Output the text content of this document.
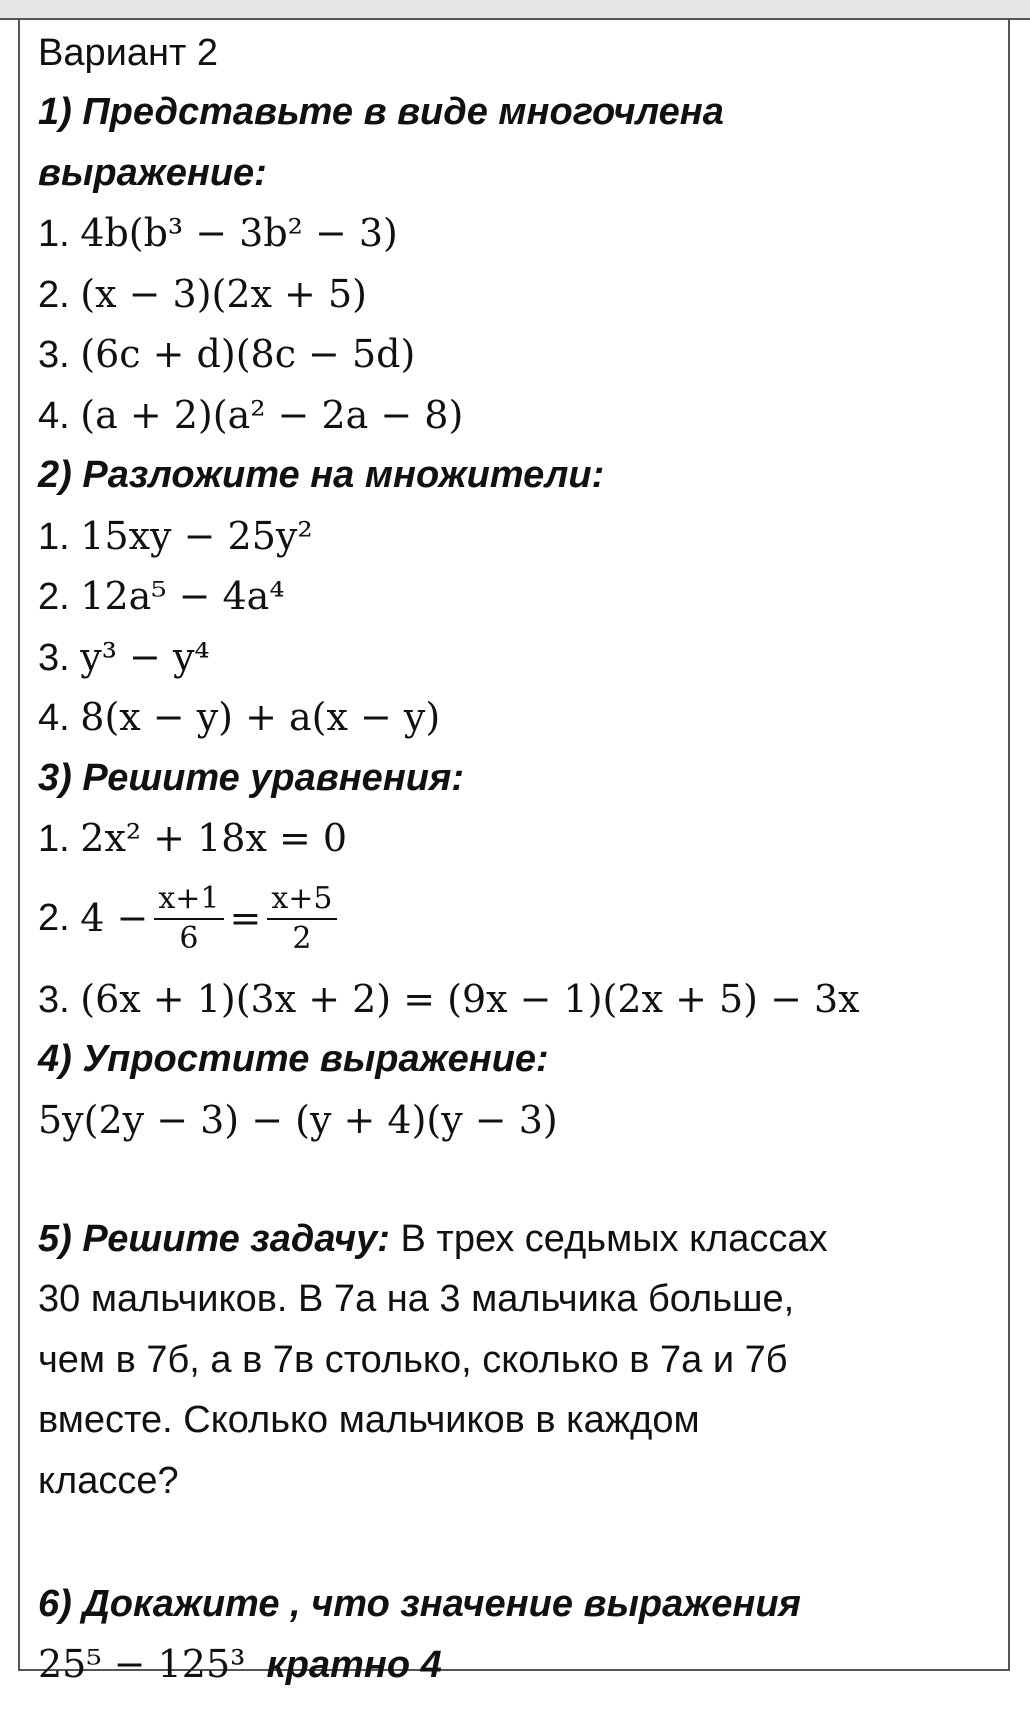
Вариант 2
1) Представьте в виде многочлена
выражение:
1. 4b(b³ − 3b² − 3)
2. (x − 3)(2x + 5)
3. (6c + d)(8c − 5d)
4. (a + 2)(a² − 2a − 8)
2) Разложите на множители:
1. 15xy − 25y²
2. 12a⁵ − 4a⁴
3. y³ − y⁴
4. 8(x − y) + a(x − y)
3) Решите уравнения:
1. 2x² + 18x = 0
2.
$4 - \frac{x+1}{6} = \frac{x+5}{2}$
3. (6x + 1)(3x + 2) = (9x − 1)(2x + 5) − 3x
4) Упростите выражение:
5y(2y − 3) − (y + 4)(y − 3)
5) Решите задачу: В трех седьмых классах
30 мальчиков. В 7а на 3 мальчика больше,
чем в 7б, а в 7в столько, сколько в 7а и 7б
вместе. Сколько мальчиков в каждом
классе?
6) Докажите , что значение выражения
25⁵ − 125³ кратно 4
